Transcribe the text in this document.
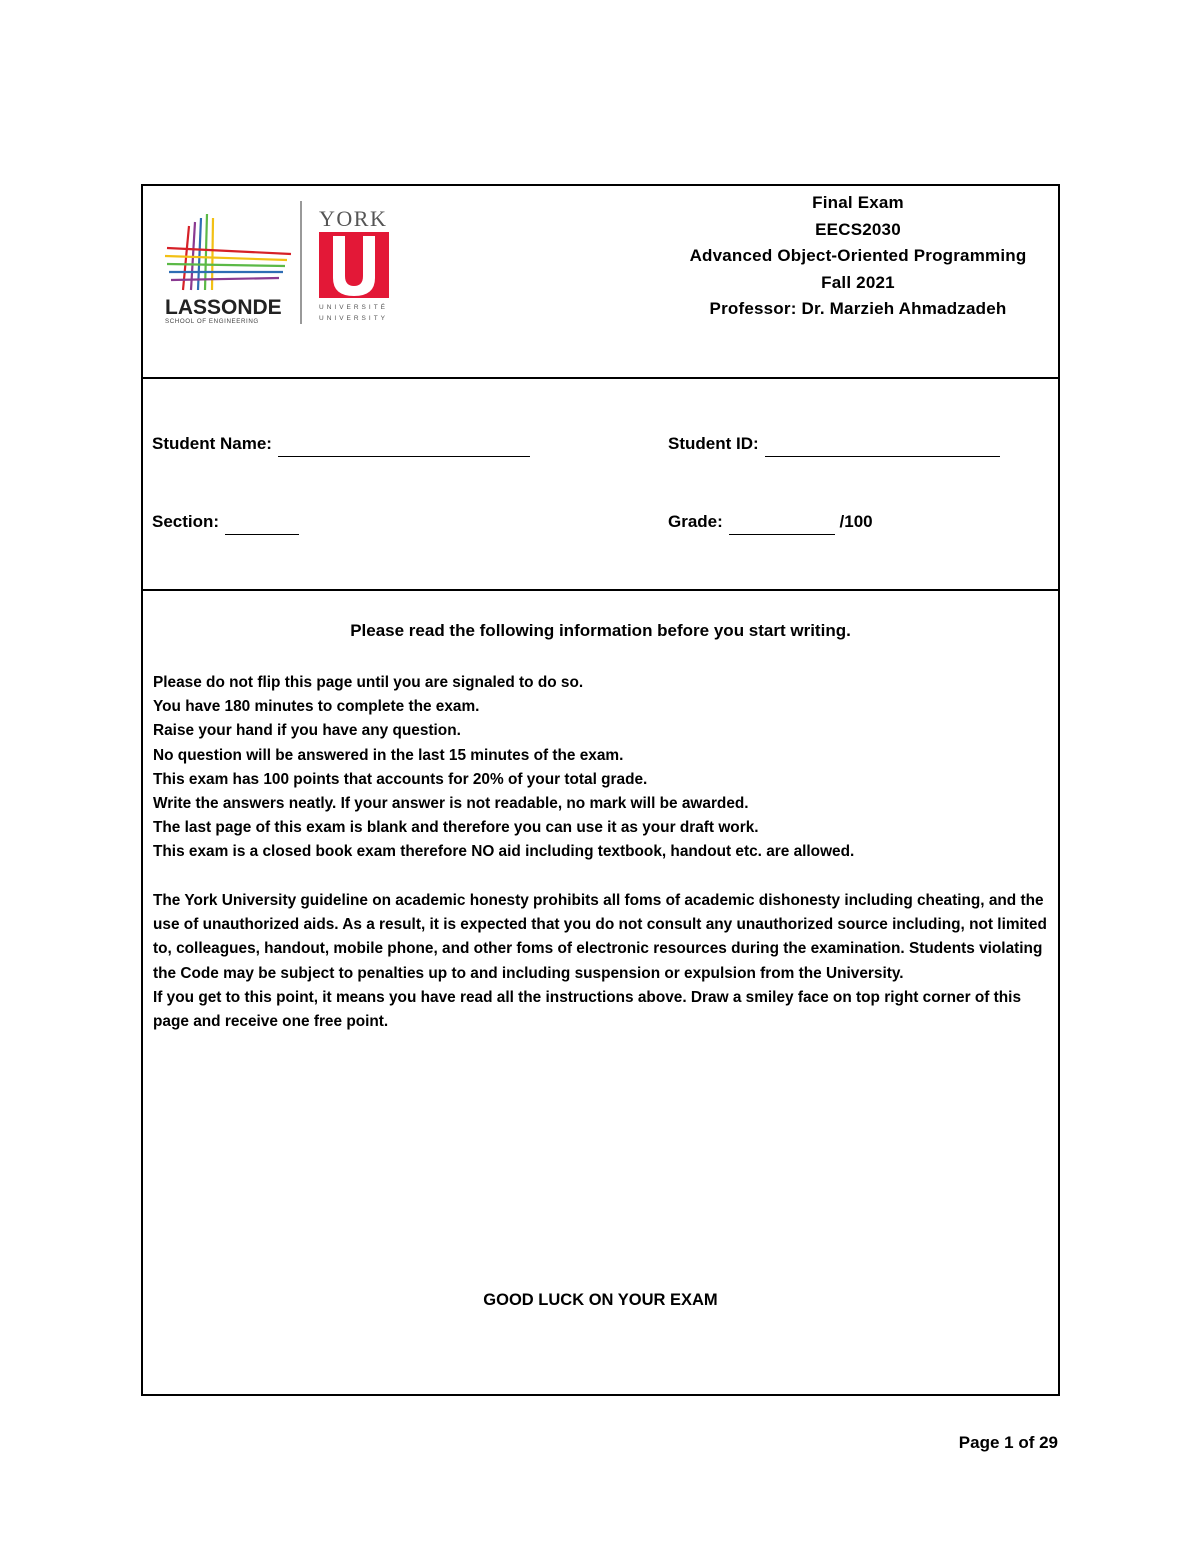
LASSONDE
SCHOOL OF ENGINEERING
YORK
UNIVERSITÉ
UNIVERSITY
Final Exam
EECS2030
Advanced Object-Oriented Programming
Fall 2021
Professor: Dr. Marzieh Ahmadzadeh
Student Name:	Student ID:
Section:	Grade:	/100
Please read the following information before you start writing.
Please do not flip this page until you are signaled to do so.
You have 180 minutes to complete the exam.
Raise your hand if you have any question.
No question will be answered in the last 15 minutes of the exam.
This exam has 100 points that accounts for 20% of your total grade.
Write the answers neatly. If your answer is not readable, no mark will be awarded.
The last page of this exam is blank and therefore you can use it as your draft work.
This exam is a closed book exam therefore NO aid including textbook, handout etc. are allowed.

The York University guideline on academic honesty prohibits all foms of academic dishonesty including cheating, and the use of unauthorized aids. As a result, it is expected that you do not consult any unauthorized source including, not limited to, colleagues, handout, mobile phone, and other foms of electronic resources during the examination. Students violating the Code may be subject to penalties up to and including suspension or expulsion from the University.

If you get to this point, it means you have read all the instructions above. Draw a smiley face on top right corner of this page and receive one free point.

GOOD LUCK ON YOUR EXAM
Page 1 of 29
